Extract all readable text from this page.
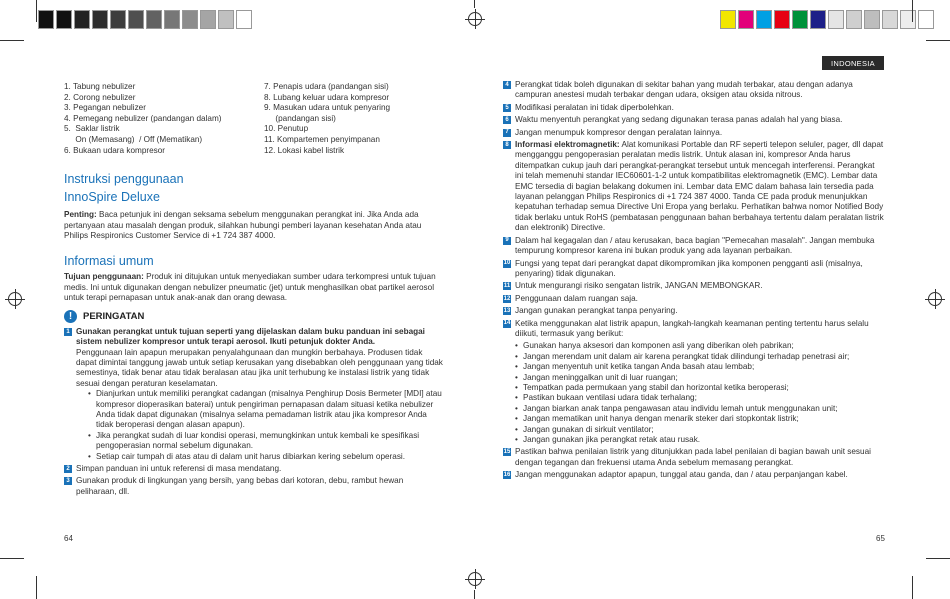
INDONESIA
1. Tabung nebulizer
2. Corong nebulizer
3. Pegangan nebulizer
4. Pemegang nebulizer (pandangan dalam)
5.  Saklar listrik
On (Memasang)  / Off (Mematikan)
6. Bukaan udara kompresor
7. Penapis udara (pandangan sisi)
8. Lubang keluar udara kompresor
9. Masukan udara untuk penyaring
(pandangan sisi)
10. Penutup
11. Kompartemen penyimpanan
12. Lokasi kabel listrik
Instruksi penggunaan
InnoSpire Deluxe
Penting: Baca petunjuk ini dengan seksama sebelum menggunakan perangkat ini. Jika Anda ada pertanyaan atau masalah dengan produk, silahkan hubungi pemberi layanan kesehatan Anda atau Philips Respironics Customer Service di +1 724 387 4000.
Informasi umum
Tujuan penggunaan: Produk ini ditujukan untuk menyediakan sumber udara terkompresi untuk tujuan medis. Ini untuk digunakan dengan nebulizer pneumatic (jet) untuk menghasilkan obat partikel aerosol untuk terapi pernapasan untuk anak-anak dan orang dewasa.
!	PERINGATAN
1 Gunakan perangkat untuk tujuan seperti yang dijelaskan dalam buku panduan ini sebagai sistem nebulizer kompresor untuk terapi aerosol. Ikuti petunjuk dokter Anda.
Penggunaan lain apapun merupakan penyalahgunaan dan mungkin berbahaya. Produsen tidak dapat dimintai tanggung jawab untuk setiap kerusakan yang disebabkan oleh penggunaan yang tidak semestinya, tidak benar atau tidak beralasan atau jika unit terhubung ke instalasi listrik yang tidak sesuai dengan peraturan keselamatan.
• Dianjurkan untuk memiliki perangkat cadangan (misalnya Penghirup Dosis Bermeter [MDI] atau kompresor dioperasikan baterai) untuk pengiriman pernapasan dalam situasi ketika nebulizer Anda tidak dapat digunakan (misalnya selama pemadaman listrik atau jika kompresor Anda tidak beroperasi dengan alasan apapun).
• Jika perangkat sudah di luar kondisi operasi, memungkinkan untuk kembali ke spesifikasi pengoperasian normal sebelum digunakan.
• Setiap cair tumpah di atas atau di dalam unit harus dibiarkan kering sebelum operasi.
2 Simpan panduan ini untuk referensi di masa mendatang.
3 Gunakan produk di lingkungan yang bersih, yang bebas dari kotoran, debu, rambut hewan peliharaan, dll.
64
4 Perangkat tidak boleh digunakan di sekitar bahan yang mudah terbakar, atau dengan adanya campuran anestesi mudah terbakar dengan udara, oksigen atau oksida nitrous.
5 Modifikasi peralatan ini tidak diperbolehkan.
6 Waktu menyentuh perangkat yang sedang digunakan terasa panas adalah hal yang biasa.
7 Jangan menumpuk kompresor dengan peralatan lainnya.
8 Informasi elektromagnetik: Alat komunikasi Portable dan RF seperti telepon seluler, pager, dll dapat mengganggu pengoperasian peralatan medis listrik. Untuk alasan ini, kompresor Anda harus ditempatkan cukup jauh dari perangkat-perangkat tersebut untuk mencegah interferensi. Perangkat ini telah memenuhi standar IEC60601-1-2 untuk kompatibilitas elektromagnetik (EMC). Lembar data EMC tersedia di bagian belakang dokumen ini. Lembar data EMC dalam bahasa lain tersedia pada layanan pelanggan Philips Respironics di +1 724 387 4000. Tanda CE pada produk menunjukkan kepatuhan terhadap semua Directive Uni Eropa yang berlaku. Perhatikan bahwa nomor Notified Body tidak berlaku untuk RoHS (pembatasan penggunaan bahan berbahaya tertentu dalam peralatan listrik dan elektronik) Directive.
9 Dalam hal kegagalan dan / atau kerusakan, baca bagian "Pemecahan masalah". Jangan membuka tempurung kompresor karena ini bukan produk yang ada layanan perbaikan.
10 Fungsi yang tepat dari perangkat dapat dikompromikan jika komponen pengganti asli (misalnya, penyaring) tidak digunakan.
11 Untuk mengurangi risiko sengatan listrik, JANGAN MEMBONGKAR.
12 Penggunaan dalam ruangan saja.
13 Jangan gunakan perangkat tanpa penyaring.
14 Ketika menggunakan alat listrik apapun, langkah-langkah keamanan penting tertentu harus selalu diikuti, termasuk yang berikut:
• Gunakan hanya aksesori dan komponen asli yang diberikan oleh pabrikan;
• Jangan merendam unit dalam air karena perangkat tidak dilindungi terhadap penetrasi air;
• Jangan menyentuh unit ketika tangan Anda basah atau lembab;
• Jangan meninggalkan unit di luar ruangan;
• Tempatkan pada permukaan yang stabil dan horizontal ketika beroperasi;
• Pastikan bukaan ventilasi udara tidak terhalang;
• Jangan biarkan anak tanpa pengawasan atau individu lemah untuk menggunakan unit;
• Jangan mematikan unit hanya dengan menarik steker dari stopkontak listrik;
• Jangan gunakan di sirkuit ventilator;
• Jangan gunakan jika perangkat retak atau rusak.
15 Pastikan bahwa penilaian listrik yang ditunjukkan pada label penilaian di bagian bawah unit sesuai dengan tegangan dan frekuensi utama Anda sebelum memasang perangkat.
16 Jangan menggunakan adaptor apapun, tunggal atau ganda, dan / atau perpanjangan kabel.
65
